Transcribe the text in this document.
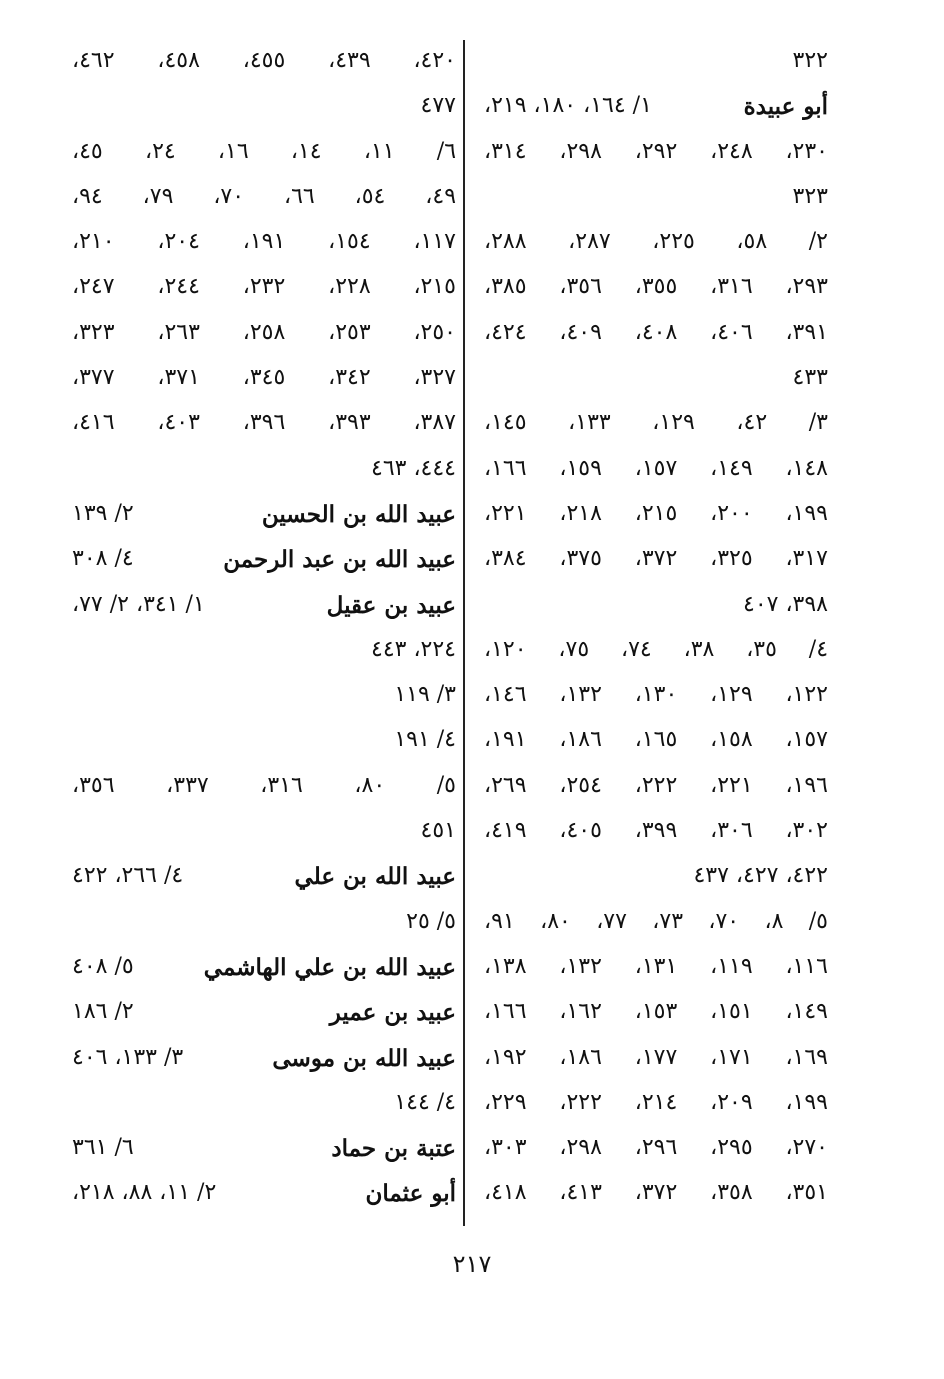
٣٢٢
أبو عبيدة
١/ ١٦٤، ١٨٠، ٢١٩،
٢٣٠، ٢٤٨، ٢٩٢، ٢٩٨، ٣١٤،
٣٢٣
٢/ ٥٨، ٢٢٥، ٢٨٧، ٢٨٨،
٢٩٣، ٣١٦، ٣٥٥، ٣٥٦، ٣٨٥،
٣٩١، ٤٠٦، ٤٠٨، ٤٠٩، ٤٢٤،
٤٣٣
٣/ ٤٢، ١٢٩، ١٣٣، ١٤٥،
١٤٨، ١٤٩، ١٥٧، ١٥٩، ١٦٦،
١٩٩، ٢٠٠، ٢١٥، ٢١٨، ٢٢١،
٣١٧، ٣٢٥، ٣٧٢، ٣٧٥، ٣٨٤،
٣٩٨، ٤٠٧
٤/ ٣٥، ٣٨، ٧٤، ٧٥، ١٢٠،
١٢٢، ١٢٩، ١٣٠، ١٣٢، ١٤٦،
١٥٧، ١٥٨، ١٦٥، ١٨٦، ١٩١،
١٩٦، ٢٢١، ٢٢٢، ٢٥٤، ٢٦٩،
٣٠٢، ٣٠٦، ٣٩٩، ٤٠٥، ٤١٩،
٤٢٢، ٤٢٧، ٤٣٧
٥/ ٨، ٧٠، ٧٣، ٧٧، ٨٠، ٩١،
١١٦، ١١٩، ١٣١، ١٣٢، ١٣٨،
١٤٩، ١٥١، ١٥٣، ١٦٢، ١٦٦،
١٦٩، ١٧١، ١٧٧، ١٨٦، ١٩٢،
١٩٩، ٢٠٩، ٢١٤، ٢٢٢، ٢٢٩،
٢٧٠، ٢٩٥، ٢٩٦، ٢٩٨، ٣٠٣،
٣٥١، ٣٥٨، ٣٧٢، ٤١٣، ٤١٨،
٤٢٠، ٤٣٩، ٤٥٥، ٤٥٨، ٤٦٢،
٤٧٧
٦/ ١١، ١٤، ١٦، ٢٤، ٤٥،
٤٩، ٥٤، ٦٦، ٧٠، ٧٩، ٩٤،
١١٧، ١٥٤، ١٩١، ٢٠٤، ٢١٠،
٢١٥، ٢٢٨، ٢٣٢، ٢٤٤، ٢٤٧،
٢٥٠، ٢٥٣، ٢٥٨، ٢٦٣، ٣٢٣،
٣٢٧، ٣٤٢، ٣٤٥، ٣٧١، ٣٧٧،
٣٨٧، ٣٩٣، ٣٩٦، ٤٠٣، ٤١٦،
٤٤٤، ٤٦٣
عبيد الله بن الحسين
٢/ ١٣٩
عبيد الله بن عبد الرحمن
٤/ ٣٠٨
عبيد بن عقيل
١/ ٣٤١، ٢/ ٧٧،
٢٢٤، ٤٤٣
٣/ ١١٩
٤/ ١٩١
٥/ ٨٠، ٣١٦، ٣٣٧، ٣٥٦،
٤٥١
عبيد الله بن علي
٤/ ٢٦٦، ٤٢٢
٥/ ٢٥
عبيد الله بن علي الهاشمي
٥/ ٤٠٨
عبيد بن عمير
٢/ ١٨٦
عبيد الله بن موسى
٣/ ١٣٣، ٤٠٦
٤/ ١٤٤
عتبة بن حماد
٦/ ٣٦١
أبو عثمان
٢/ ١١، ٨٨، ٢١٨،
٢١٧
